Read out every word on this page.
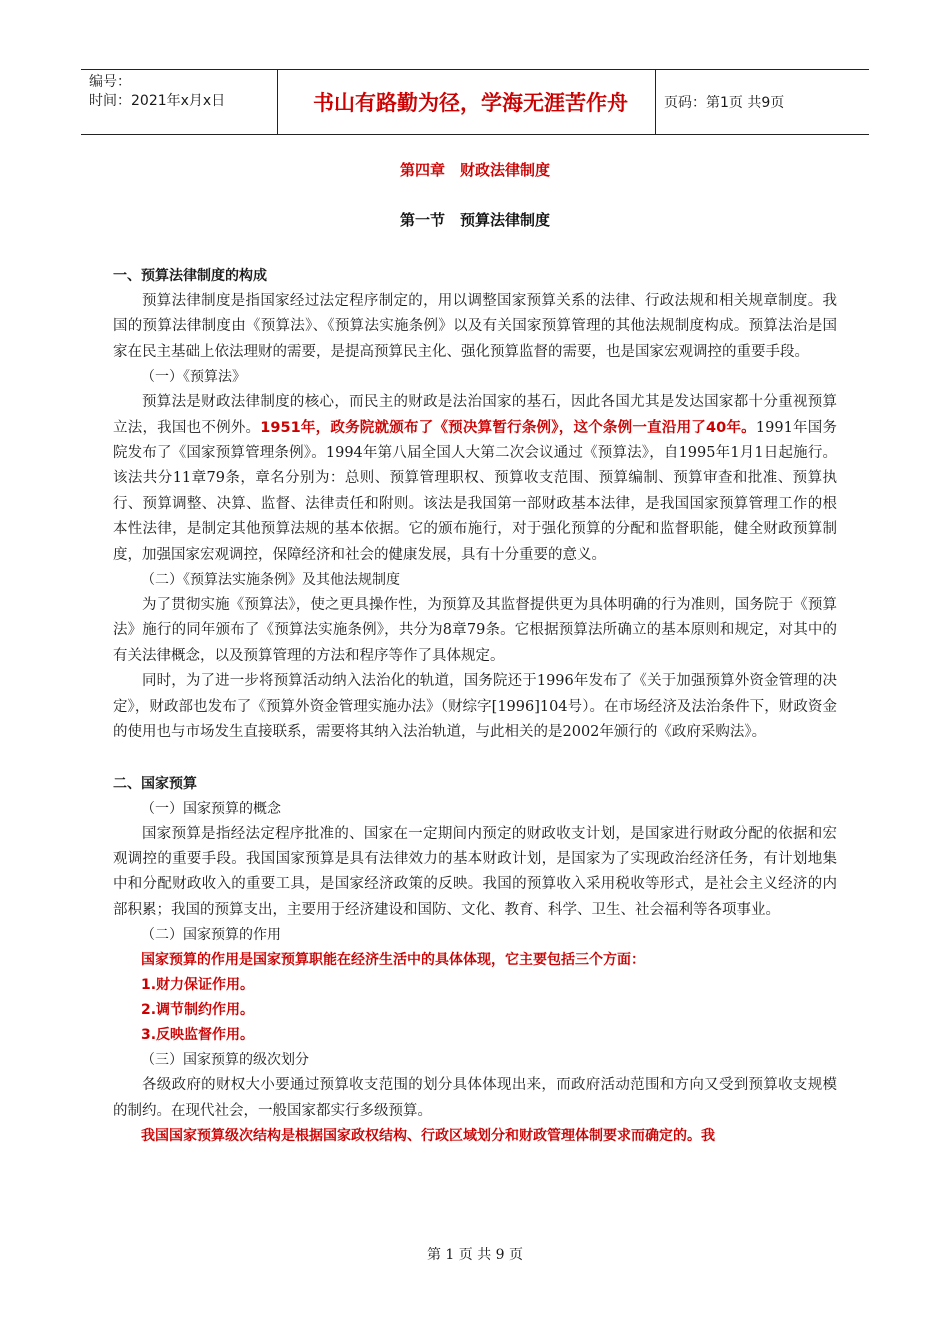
编号：
时间：2021年x月x日	书山有路勤为径，学海无涯苦作舟	页码：第1页 共9页
第四章　财政法律制度
第一节　预算法律制度
一、预算法律制度的构成

预算法律制度是指国家经过法定程序制定的，用以调整国家预算关系的法律、行政法规和相关规章制度。我国的预算法律制度由《预算法》、《预算法实施条例》以及有关国家预算管理的其他法规制度构成。预算法治是国家在民主基础上依法理财的需要，是提高预算民主化、强化预算监督的需要，也是国家宏观调控的重要手段。

（一）《预算法》

预算法是财政法律制度的核心，而民主的财政是法治国家的基石，因此各国尤其是发达国家都十分重视预算立法，我国也不例外。1951年，政务院就颁布了《预决算暂行条例》，这个条例一直沿用了40年。1991年国务院发布了《国家预算管理条例》。1994年第八届全国人大第二次会议通过《预算法》，自1995年1月1日起施行。该法共分11章79条，章名分别为：总则、预算管理职权、预算收支范围、预算编制、预算审查和批准、预算执行、预算调整、决算、监督、法律责任和附则。该法是我国第一部财政基本法律，是我国国家预算管理工作的根本性法律，是制定其他预算法规的基本依据。它的颁布施行，对于强化预算的分配和监督职能，健全财政预算制度，加强国家宏观调控，保障经济和社会的健康发展，具有十分重要的意义。

（二）《预算法实施条例》及其他法规制度

为了贯彻实施《预算法》，使之更具操作性，为预算及其监督提供更为具体明确的行为准则，国务院于《预算法》施行的同年颁布了《预算法实施条例》，共分为8章79条。它根据预算法所确立的基本原则和规定，对其中的有关法律概念，以及预算管理的方法和程序等作了具体规定。

同时，为了进一步将预算活动纳入法治化的轨道，国务院还于1996年发布了《关于加强预算外资金管理的决定》，财政部也发布了《预算外资金管理实施办法》（财综字[1996]104号）。在市场经济及法治条件下，财政资金的使用也与市场发生直接联系，需要将其纳入法治轨道，与此相关的是2002年颁行的《政府采购法》。

二、国家预算
（一）国家预算的概念

国家预算是指经法定程序批准的、国家在一定期间内预定的财政收支计划，是国家进行财政分配的依据和宏观调控的重要手段。我国国家预算是具有法律效力的基本财政计划，是国家为了实现政治经济任务，有计划地集中和分配财政收入的重要工具，是国家经济政策的反映。我国的预算收入采用税收等形式，是社会主义经济的内部积累；我国的预算支出，主要用于经济建设和国防、文化、教育、科学、卫生、社会福利等各项事业。

（二）国家预算的作用
国家预算的作用是国家预算职能在经济生活中的具体体现，它主要包括三个方面：
1.财力保证作用。
2.调节制约作用。
3.反映监督作用。
（三）国家预算的级次划分

各级政府的财权大小要通过预算收支范围的划分具体体现出来，而政府活动范围和方向又受到预算收支规模的制约。在现代社会，一般国家都实行多级预算。

我国国家预算级次结构是根据国家政权结构、行政区域划分和财政管理体制要求而确定的。我
第 1 页 共 9 页
